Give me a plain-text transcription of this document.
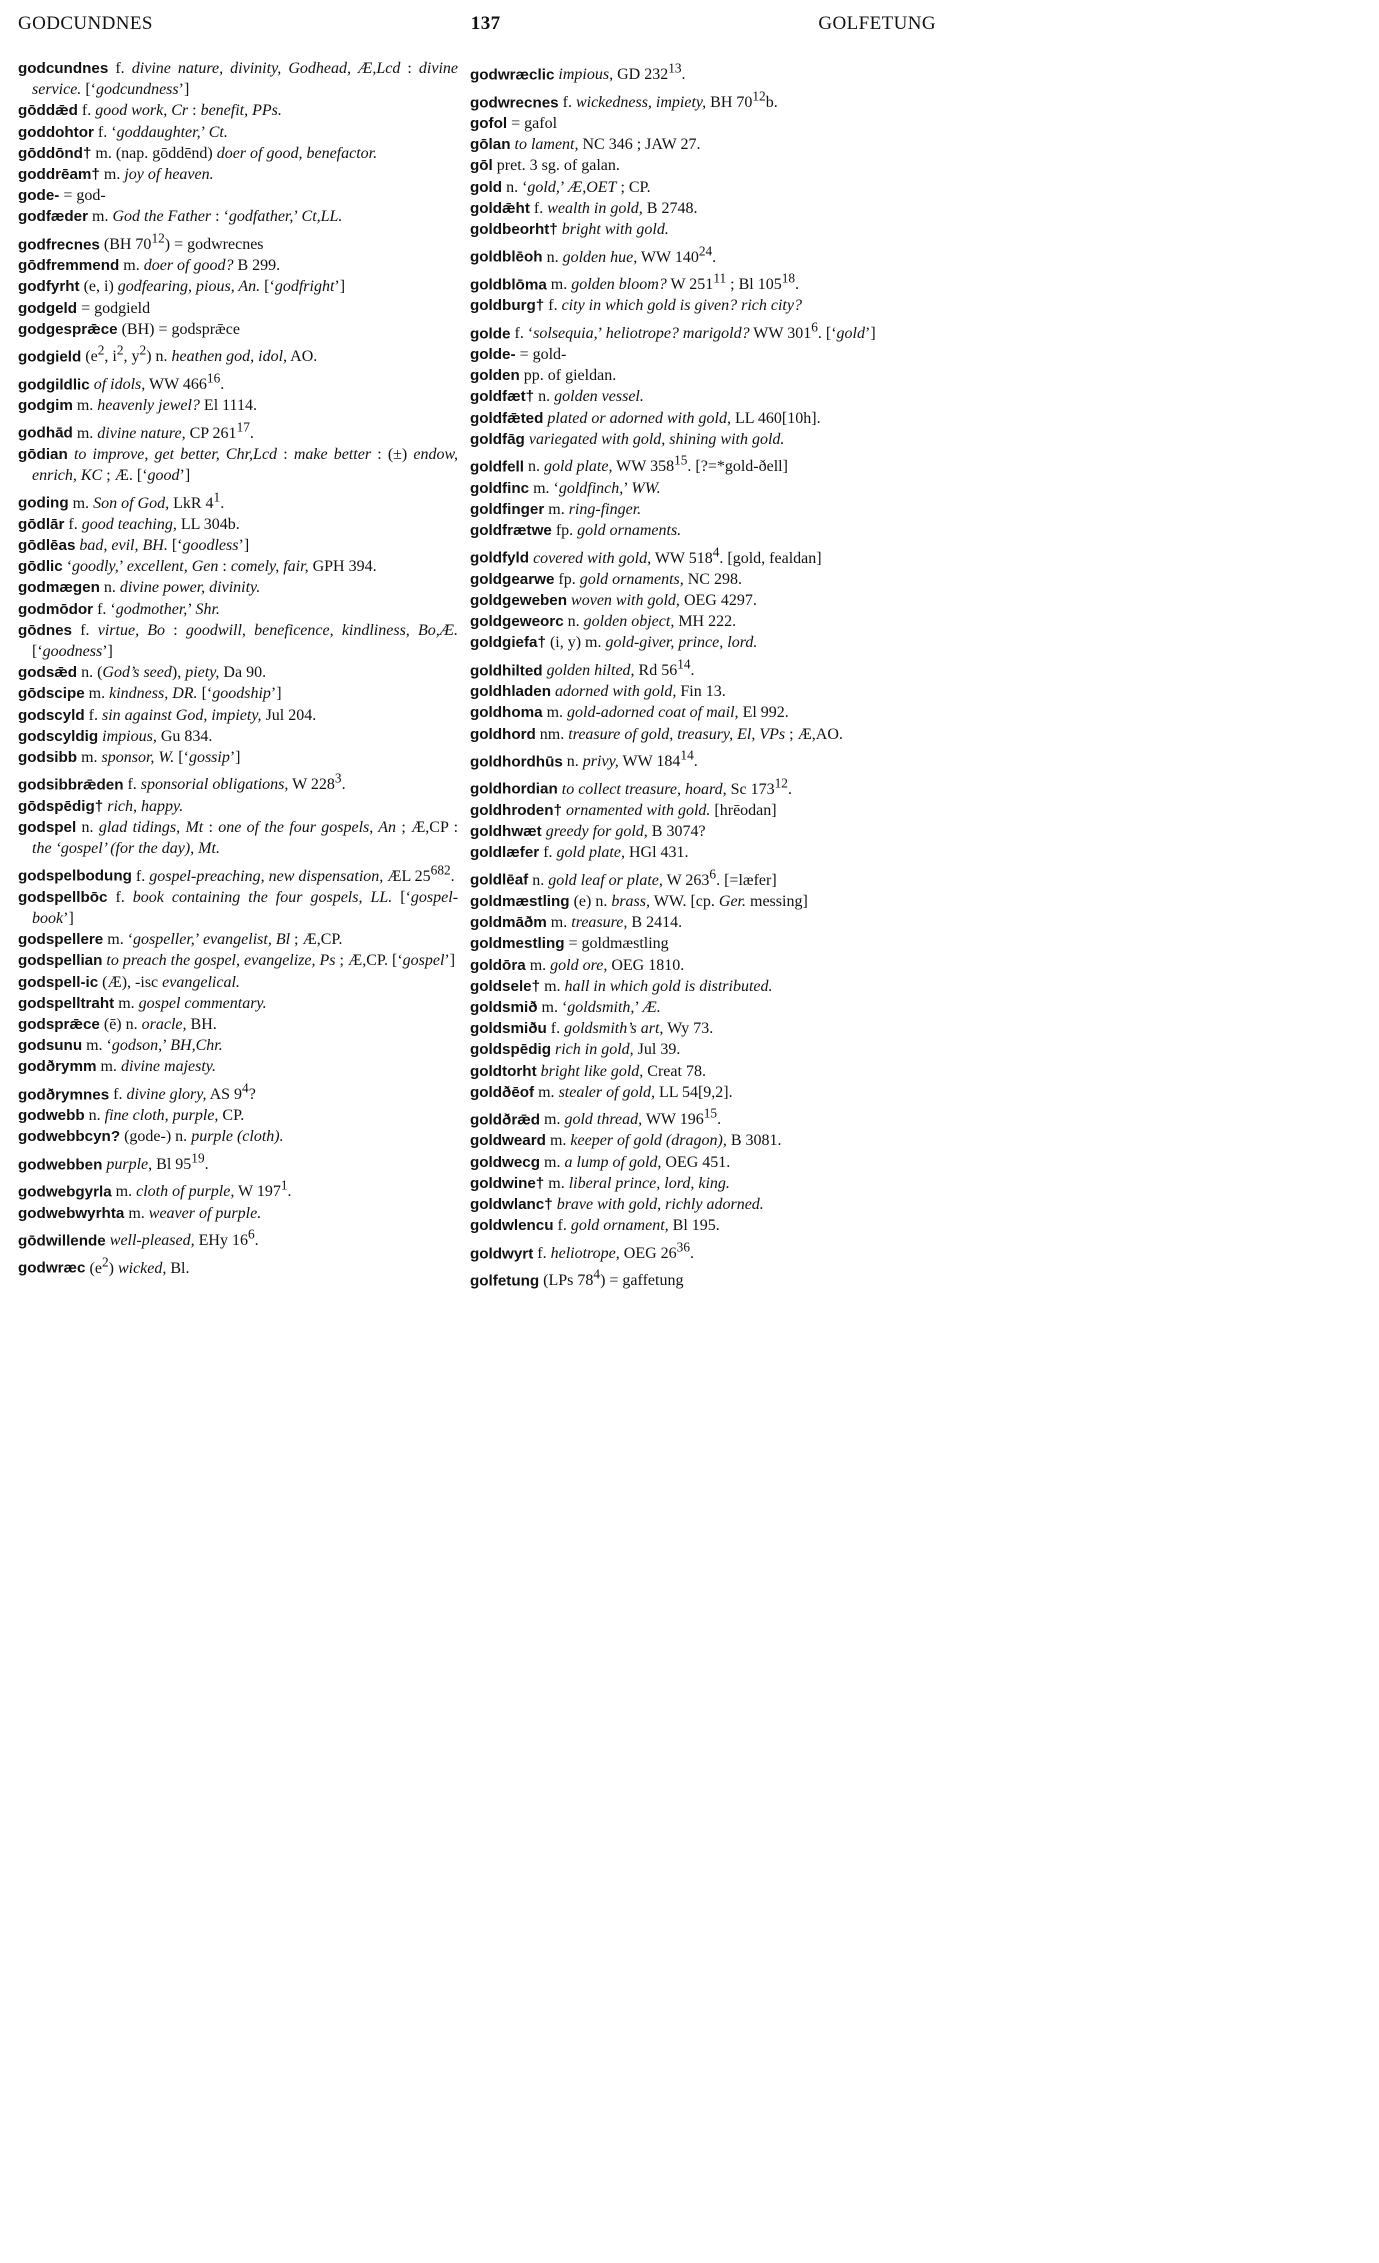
GODCUNDNES	137	GOLFETUNG

godcundnes f. divine nature, divinity, Godhead, Æ,Lcd : divine service. [‘godcundness’]

gōddǣd f. good work, Cr : benefit, PPs.

goddohtor f. ‘goddaughter,’ Ct.

gōddōnd† m. (nap. gōddēnd) doer of good, benefactor.

goddrēam† m. joy of heaven.

gode- = god-

godfæder m. God the Father : ‘godfather,’ Ct,LL.

godfrecnes (BH $70^{12}$) = godwrecnes

gōdfremmend m. doer of good? B 299.

godfyrht (e, i) godfearing, pious, An. [‘godfright’]

godgeld = godgield

godgesprǣce (BH) = godsprǣce

godgield ($e^2$, $i^2$, $y^2$) n. heathen god, idol, AO.

godgildlic of idols, WW $466^{16}$.

godgim m. heavenly jewel? El 1114.

godhād m. divine nature, CP $261^{17}$.

gōdian to improve, get better, Chr,Lcd : make better : (±) endow, enrich, KC ; Æ. [‘good’]

goding m. Son of God, LkR $4^1$.

gōdlār f. good teaching, LL 304b.

gōdlēas bad, evil, BH. [‘goodless’]

gōdlic ‘goodly,’ excellent, Gen : comely, fair, GPH 394.

godmægen n. divine power, divinity.

godmōdor f. ‘godmother,’ Shr.

gōdnes f. virtue, Bo : goodwill, beneficence, kindliness, Bo,Æ. [‘goodness’]

godsǣd n. (God’s seed), piety, Da 90.

gōdscipe m. kindness, DR. [‘goodship’]

godscyld f. sin against God, impiety, Jul 204.

godscyldig impious, Gu 834.

godsibb m. sponsor, W. [‘gossip’]

godsibbrǣden f. sponsorial obligations, W $228^3$.

gōdspēdig† rich, happy.

godspel n. glad tidings, Mt : one of the four gospels, An ; Æ,CP : the ‘gospel’ (for the day), Mt.

godspelbodung f. gospel-preaching, new dispensation, ÆL $25^{682}$.

godspellbōc f. book containing the four gospels, LL. [‘gospel-book’]

godspellere m. ‘gospeller,’ evangelist, Bl ; Æ,CP.

godspellian to preach the gospel, evangelize, Ps ; Æ,CP. [‘gospel’]

godspell-ic (Æ), -isc evangelical.

godspelltraht m. gospel commentary.

godsprǣce (ē) n. oracle, BH.

godsunu m. ‘godson,’ BH,Chr.

godðrymm m. divine majesty.

godðrymnes f. divine glory, AS $9^4$?

godwebb n. fine cloth, purple, CP.

godwebbcyn? (gode-) n. purple (cloth).

godwebben purple, Bl $95^{19}$.

godwebgyrla m. cloth of purple, W $197^1$.

godwebwyrhta m. weaver of purple.

gōdwillende well-pleased, EHy $16^6$.

godwræc $(e^2)$ wicked, Bl.

godwræclic impious, GD $232^{13}$.

godwrecnes f. wickedness, impiety, BH $70^{12}b$.

gofol = gafol

gōlan to lament, NC 346 ; JAW 27.

gōl pret. 3 sg. of galan.

gold n. ‘gold,’ Æ,OET ; CP.

goldǣht f. wealth in gold, B 2748.

goldbeorht† bright with gold.

goldblēoh n. golden hue, WW $140^{24}$.

goldblōma m. golden bloom? W $251^{11}$ ; Bl $105^{18}$.

goldburg† f. city in which gold is given? rich city?

golde f. ‘solsequia,’ heliotrope? marigold? WW $301^6$. [‘gold’]

golde- = gold-

golden pp. of gieldan.

goldfæt† n. golden vessel.

goldfǣted plated or adorned with gold, LL 460[10h].

goldfāg variegated with gold, shining with gold.

goldfell n. gold plate, WW $358^{15}$. [?=*gold-ðell]

goldfinc m. ‘goldfinch,’ WW.

goldfinger m. ring-finger.

goldfrætwe fp. gold ornaments.

goldfyld covered with gold, WW $518^4$. [gold, fealdan]

goldgearwe fp. gold ornaments, NC 298.

goldgeweben woven with gold, OEG 4297.

goldgeweorc n. golden object, MH 222.

goldgiefa† (i, y) m. gold-giver, prince, lord.

goldhilted golden hilted, Rd $56^{14}$.

goldhladen adorned with gold, Fin 13.

goldhoma m. gold-adorned coat of mail, El 992.

goldhord nm. treasure of gold, treasury, El, VPs ; Æ,AO.

goldhordhūs n. privy, WW $184^{14}$.

goldhordian to collect treasure, hoard, Sc $173^{12}$.

goldhroden† ornamented with gold. [hrēodan]

goldhwæt greedy for gold, B 3074?

goldlæfer f. gold plate, HGl 431.

goldlēaf n. gold leaf or plate, W $263^6$. [=læfer]

goldmæstling (e) n. brass, WW. [cp. Ger. messing]

goldmāðm m. treasure, B 2414.

goldmestling = goldmæstling

goldōra m. gold ore, OEG 1810.

goldsele† m. hall in which gold is distributed.

goldsmið m. ‘goldsmith,’ Æ.

goldsmiðu f. goldsmith’s art, Wy 73.

goldspēdig rich in gold, Jul 39.

goldtorht bright like gold, Creat 78.

goldðēof m. stealer of gold, LL 54[9,2].

goldðrǣd m. gold thread, WW $196^{15}$.

goldweard m. keeper of gold (dragon), B 3081.

goldwecg m. a lump of gold, OEG 451.

goldwine† m. liberal prince, lord, king.

goldwlanc† brave with gold, richly adorned.

goldwlencu f. gold ornament, Bl 195.

goldwyrt f. heliotrope, OEG $26^{36}$.

golfetung (LPs $78^4$) = gaffetung
